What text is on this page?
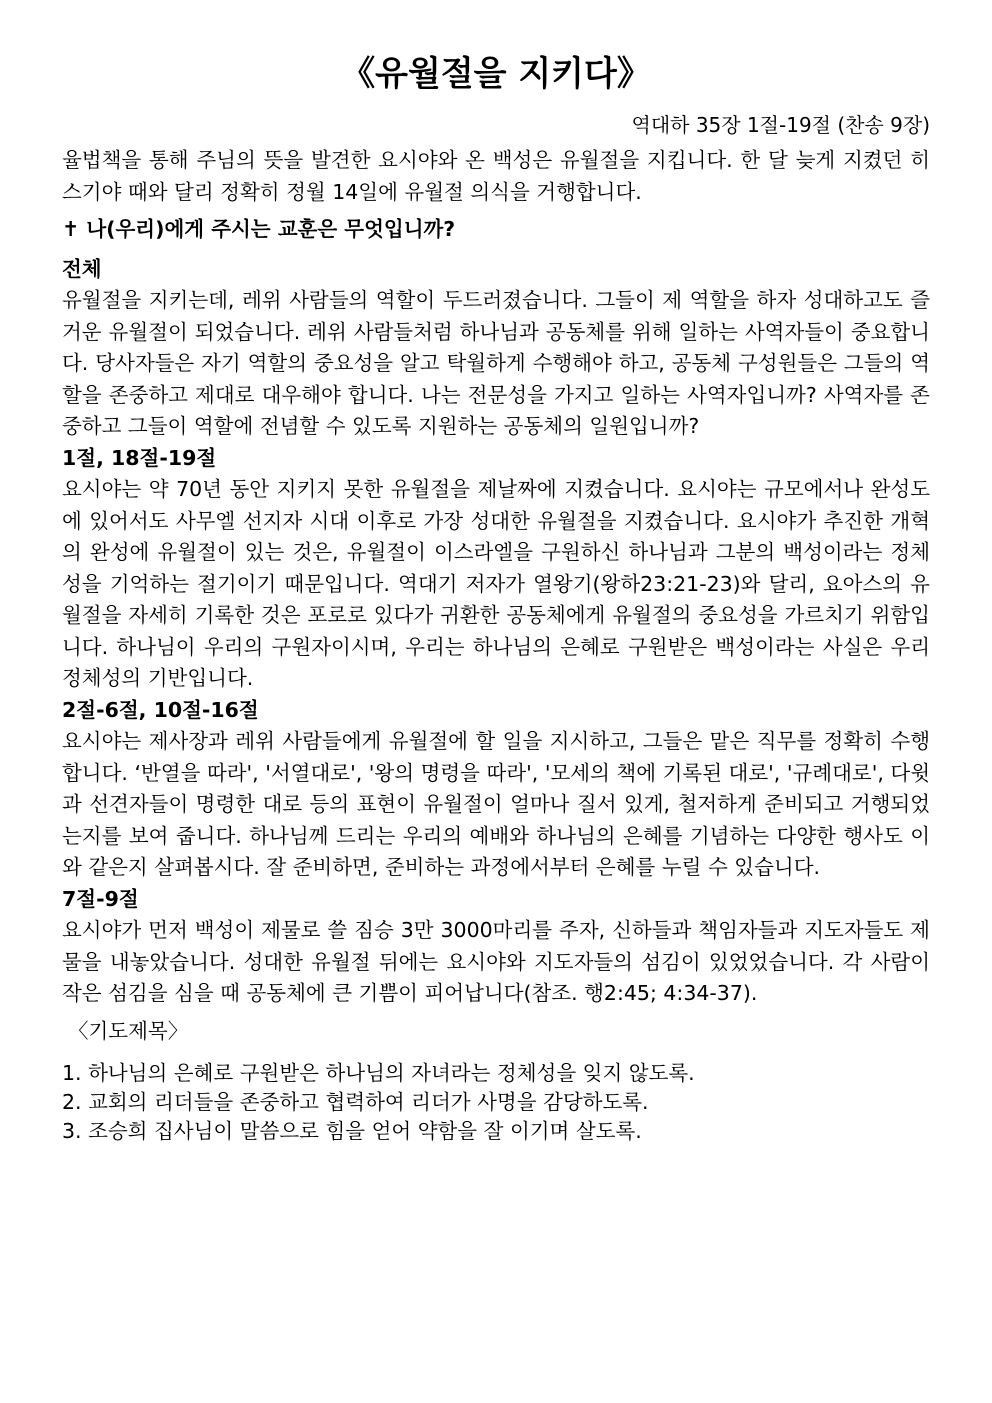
《유월절을 지키다》
역대하 35장 1절-19절 (찬송 9장)

율법책을 통해 주님의 뜻을 발견한 요시야와 온 백성은 유월절을 지킵니다. 한 달 늦게 지켰던 히스기야 때와 달리 정확히 정월 14일에 유월절 의식을 거행합니다.

✝ 나(우리)에게 주시는 교훈은 무엇입니까?

전체

유월절을 지키는데, 레위 사람들의 역할이 두드러졌습니다. 그들이 제 역할을 하자 성대하고도 즐거운 유월절이 되었습니다. 레위 사람들처럼 하나님과 공동체를 위해 일하는 사역자들이 중요합니다. 당사자들은 자기 역할의 중요성을 알고 탁월하게 수행해야 하고, 공동체 구성원들은 그들의 역할을 존중하고 제대로 대우해야 합니다. 나는 전문성을 가지고 일하는 사역자입니까? 사역자를 존중하고 그들이 역할에 전념할 수 있도록 지원하는 공동체의 일원입니까?

1절, 18절-19절

요시야는 약 70년 동안 지키지 못한 유월절을 제날짜에 지켰습니다. 요시야는 규모에서나 완성도에 있어서도 사무엘 선지자 시대 이후로 가장 성대한 유월절을 지켰습니다. 요시야가 추진한 개혁의 완성에 유월절이 있는 것은, 유월절이 이스라엘을 구원하신 하나님과 그분의 백성이라는 정체성을 기억하는 절기이기 때문입니다. 역대기 저자가 열왕기(왕하23:21-23)와 달리, 요아스의 유월절을 자세히 기록한 것은 포로로 있다가 귀환한 공동체에게 유월절의 중요성을 가르치기 위함입니다. 하나님이 우리의 구원자이시며, 우리는 하나님의 은혜로 구원받은 백성이라는 사실은 우리 정체성의 기반입니다.

2절-6절, 10절-16절

요시야는 제사장과 레위 사람들에게 유월절에 할 일을 지시하고, 그들은 맡은 직무를 정확히 수행합니다. ‘반열을 따라', '서열대로', '왕의 명령을 따라', '모세의 책에 기록된 대로', '규례대로', 다윗과 선견자들이 명령한 대로 등의 표현이 유월절이 얼마나 질서 있게, 철저하게 준비되고 거행되었는지를 보여 줍니다. 하나님께 드리는 우리의 예배와 하나님의 은혜를 기념하는 다양한 행사도 이와 같은지 살펴봅시다. 잘 준비하면, 준비하는 과정에서부터 은혜를 누릴 수 있습니다.

7절-9절

요시야가 먼저 백성이 제물로 쓸 짐승 3만 3000마리를 주자, 신하들과 책임자들과 지도자들도 제물을 내놓았습니다. 성대한 유월절 뒤에는 요시야와 지도자들의 섬김이 있었었습니다. 각 사람이 작은 섬김을 심을 때 공동체에 큰 기쁨이 피어납니다(참조. 행2:45; 4:34-37).

〈기도제목〉

1. 하나님의 은혜로 구원받은 하나님의 자녀라는 정체성을 잊지 않도록.
2. 교회의 리더들을 존중하고 협력하여 리더가 사명을 감당하도록.
3. 조승희 집사님이 말씀으로 힘을 얻어 약함을 잘 이기며 살도록.
